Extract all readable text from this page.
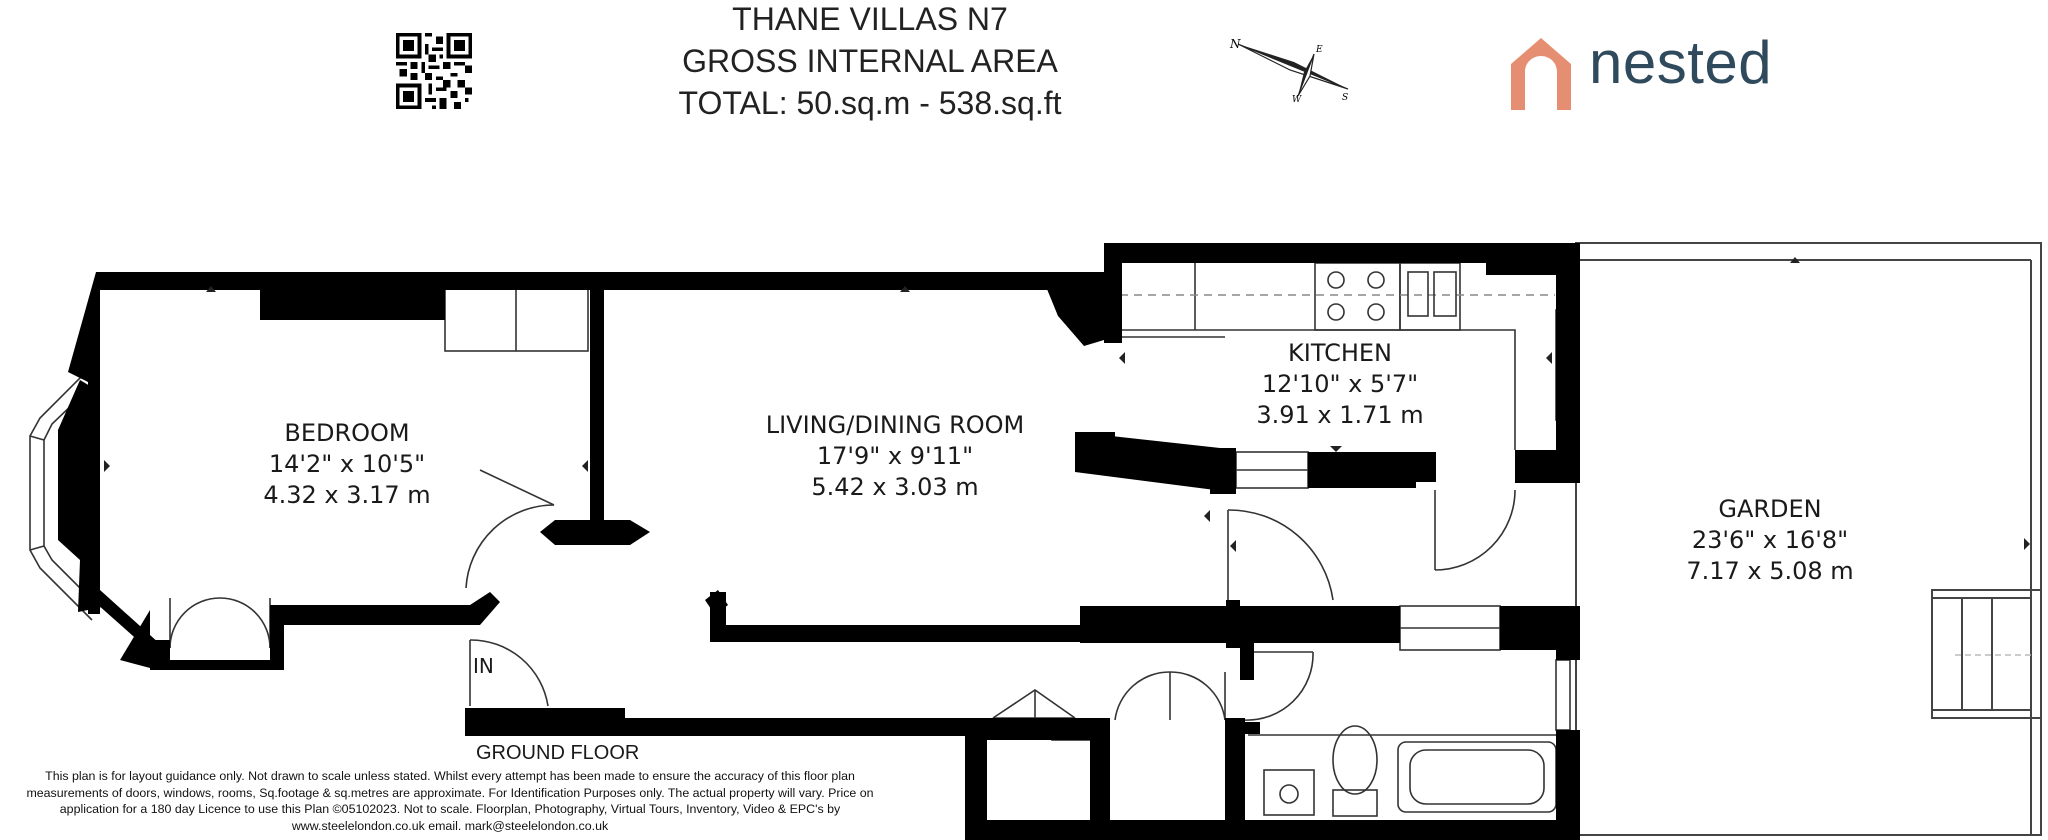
THANE VILLAS N7
GROSS INTERNAL AREA
TOTAL: 50.sq.m - 538.sq.ft
N	E
S
W
nested
BEDROOM
14'2" x 10'5"
4.32 x 3.17 m
LIVING/DINING ROOM
17'9" x 9'11"
5.42 x 3.03 m
KITCHEN
12'10" x 5'7"
3.91 x 1.71 m
GARDEN
23'6" x 16'8"
7.17 x 5.08 m
IN
GROUND FLOOR
This plan is for layout guidance only. Not drawn to scale unless stated. Whilst every attempt has been made to ensure the accuracy of this floor plan
measurements of doors, windows, rooms, Sq.footage & sq.metres are approximate. For Identification Purposes only. The actual property will vary. Price on
application for a 180 day Licence to use this Plan ©05102023. Not to scale. Floorplan, Photography, Virtual Tours, Inventory, Video & EPC's by
www.steelelondon.co.uk email. mark@steelelondon.co.uk
